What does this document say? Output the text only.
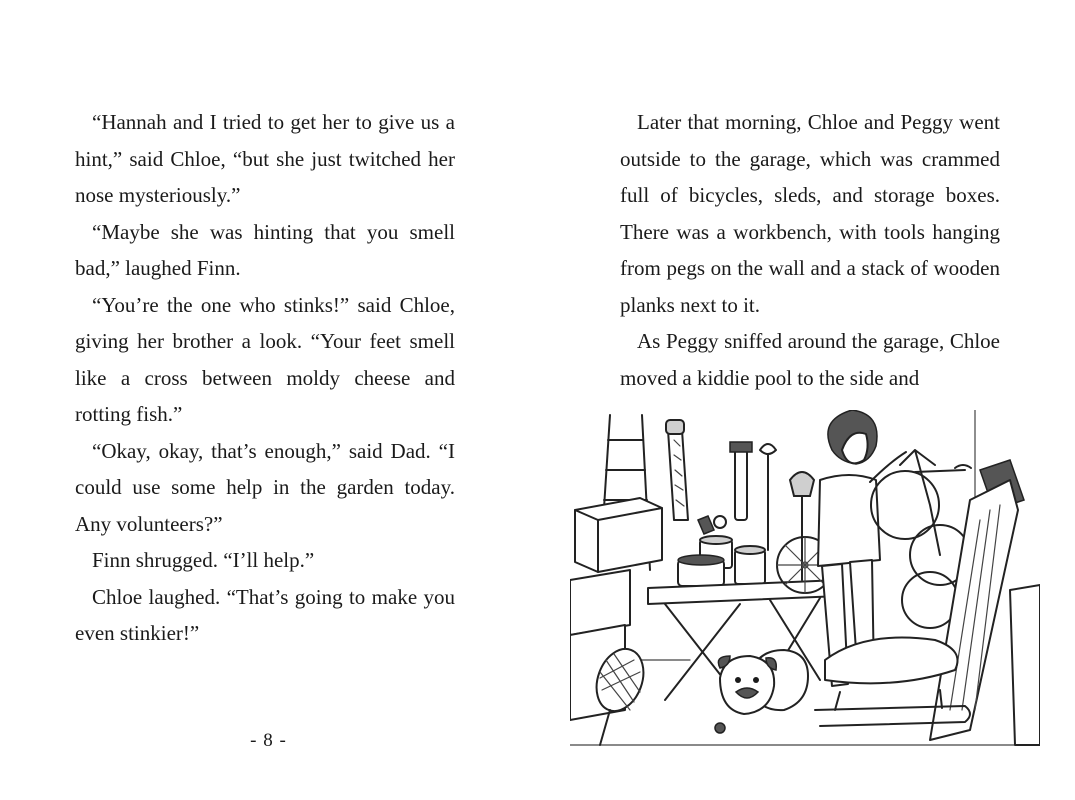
“Hannah and I tried to get her to give us a hint,” said Chloe, “but she just twitched her nose mysteriously.”

“Maybe she was hinting that you smell bad,” laughed Finn.

“You’re the one who stinks!” said Chloe, giving her brother a look. “Your feet smell like a cross between moldy cheese and rotting fish.”

“Okay, okay, that’s enough,” said Dad. “I could use some help in the garden today. Any volunteers?”

Finn shrugged. “I’ll help.”

Chloe laughed. “That’s going to make you even stinkier!”

- 8 -

Later that morning, Chloe and Peggy went outside to the garage, which was crammed full of bicycles, sleds, and storage boxes. There was a workbench, with tools hanging from pegs on the wall and a stack of wooden planks next to it.

As Peggy sniffed around the garage, Chloe moved a kiddie pool to the side and
